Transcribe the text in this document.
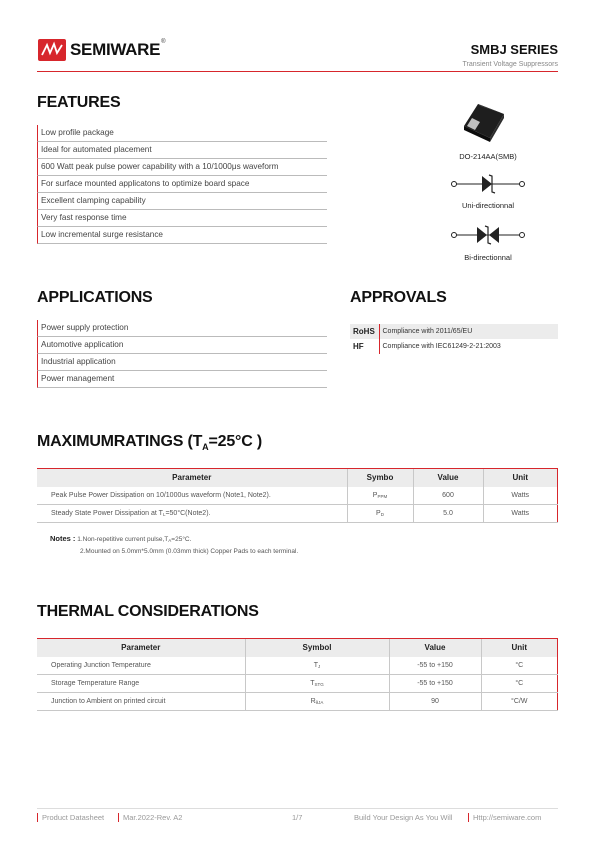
SEMIWARE ®	SMBJ SERIES
Transient Voltage Suppressors
FEATURES
Low profile package
Ideal for automated placement
600 Watt peak pulse power capability with a 10/1000μs waveform
For surface mounted applicatons to optimize board space
Excellent clamping capability
Very fast response time
Low incremental surge resistance
DO-214AA(SMB)
Uni-directionnal
Bi-directionnal
APPLICATIONS
Power supply protection
Automotive application
Industrial application
Power management
APPROVALS
RoHS	Compliance with 2011/65/EU
HF	Compliance with IEC61249-2-21:2003
MAXIMUMRATINGS ($T_A=25^\circ C$ )
Parameter	Symbo	Value	Unit
Peak Pulse Power Dissipation on 10/1000us waveform (Note1, Note2).	$P_{PPM}$	600	Watts
Steady State Power Dissipation at $T_L=50^\circ C(Note2)$.	$P_D$	5.0	Watts
Notes : 1.Non-repetitive current $pulse,T_A=25^\circ C$.
2.Mounted on 5.0mm*5.0mm (0.03mm thick) Copper Pads to each terminal.
THERMAL CONSIDERATIONS
Parameter	Symbol	Value	Unit
Operating Junction Temperature	$T_J$	-55 to +150	°C
Storage Temperature Range	$T_{STG}$	-55 to +150	°C
Junction to Ambient on printed circuit	$R_{\theta JA}$	90	°C/W
Product Datasheet	Mar.2022-Rev. A2	1/7	Build Your Design As You Will	Http://semiware.com
